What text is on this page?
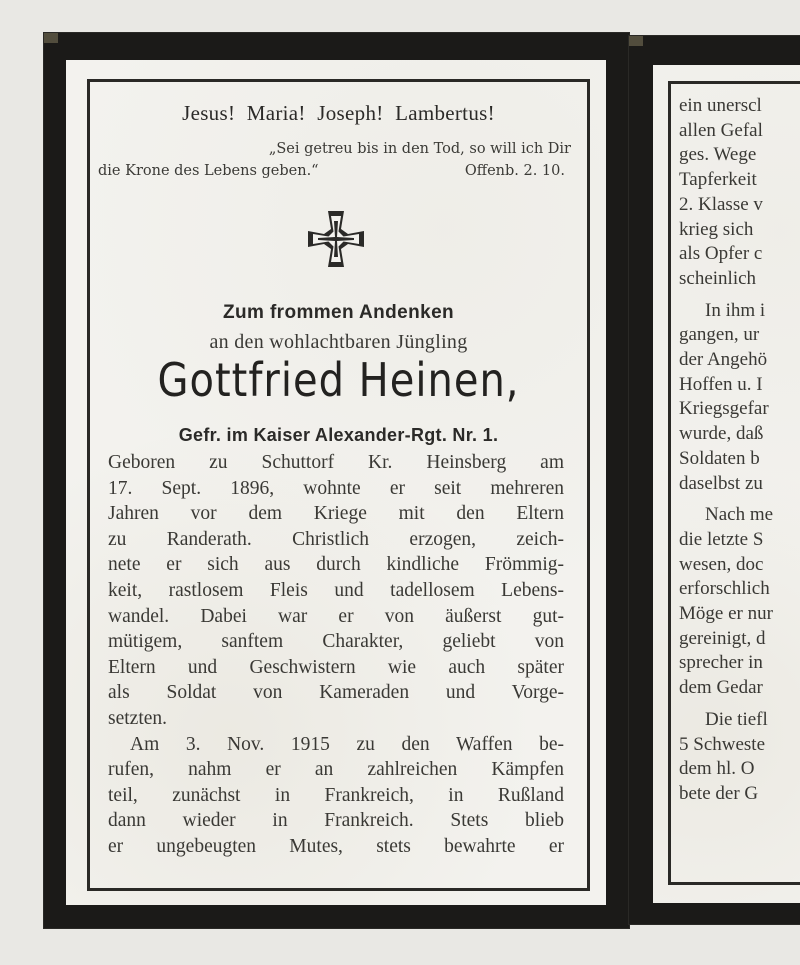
Jesus! Maria! Joseph! Lambertus!
„Sei getreu bis in den Tod, so will ich Dir
die Krone des Lebens geben.“	Offenb. 2. 10.
Zum frommen Andenken
an den wohlachtbaren Jüngling
Gottfried Heinen,
Gefr. im Kaiser Alexander-Rgt. Nr. 1.
Geboren zu Schuttorf Kr. Heinsberg am
17. Sept. 1896, wohnte er seit mehreren
Jahren vor dem Kriege mit den Eltern
zu Randerath. Christlich erzogen, zeich-
nete er sich aus durch kindliche Frömmig-
keit, rastlosem Fleis und tadellosem Lebens-
wandel. Dabei war er von äußerst gut-
mütigem, sanftem Charakter, geliebt von
Eltern und Geschwistern wie auch später
als Soldat von Kameraden und Vorge-
setzten.
Am 3. Nov. 1915 zu den Waffen be-
rufen, nahm er an zahlreichen Kämpfen
teil, zunächst in Frankreich, in Rußland
dann wieder in Frankreich. Stets blieb
er ungebeugten Mutes, stets bewahrte er
ein unerscl
allen Gefal
ges. Wege
Tapferkeit
2. Klasse v
krieg sich
als Opfer c
scheinlich
In ihm i
gangen, ur
der Angehö
Hoffen u. I
Kriegsgefar
wurde, daß
Soldaten b
daselbst zu
Nach me
die letzte S
wesen, doc
erforschlich
Möge er nur
gereinigt, d
sprecher in
dem Gedar
Die tiefl
5 Schweste
dem hl. O
bete der G
